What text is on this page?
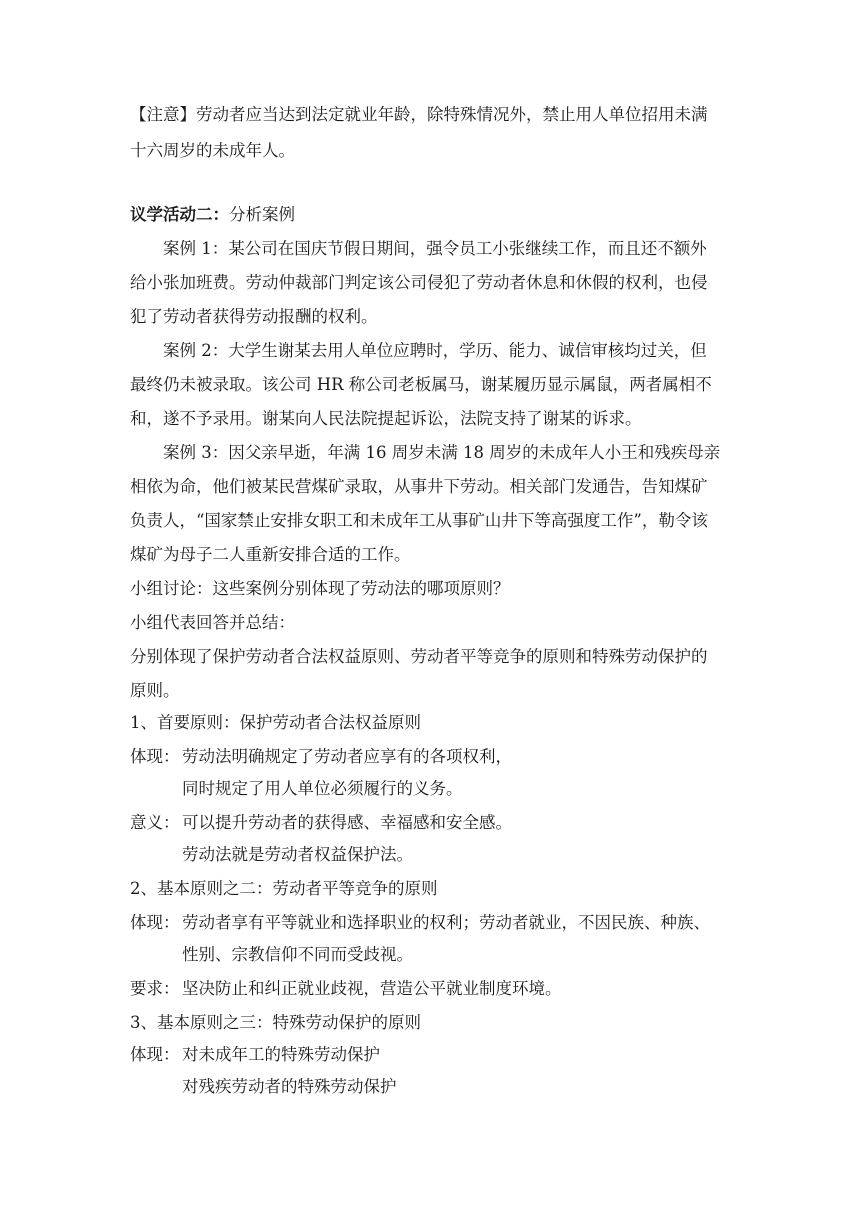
【注意】劳动者应当达到法定就业年龄，除特殊情况外，禁止用人单位招用未满
十六周岁的未成年人。
议学活动二：分析案例
案例 1：某公司在国庆节假日期间，强令员工小张继续工作，而且还不额外
给小张加班费。劳动仲裁部门判定该公司侵犯了劳动者休息和休假的权利，也侵
犯了劳动者获得劳动报酬的权利。
案例 2：大学生谢某去用人单位应聘时，学历、能力、诚信审核均过关，但
最终仍未被录取。该公司 HR 称公司老板属马，谢某履历显示属鼠，两者属相不
和，遂不予录用。谢某向人民法院提起诉讼，法院支持了谢某的诉求。
案例 3：因父亲早逝，年满 16 周岁未满 18 周岁的未成年人小王和残疾母亲
相依为命，他们被某民营煤矿录取，从事井下劳动。相关部门发通告，告知煤矿
负责人，“国家禁止安排女职工和未成年工从事矿山井下等高强度工作”，勒令该
煤矿为母子二人重新安排合适的工作。
小组讨论：这些案例分别体现了劳动法的哪项原则？
小组代表回答并总结：
分别体现了保护劳动者合法权益原则、劳动者平等竞争的原则和特殊劳动保护的
原则。
1、首要原则：保护劳动者合法权益原则
体现： 劳动法明确规定了劳动者应享有的各项权利，
同时规定了用人单位必须履行的义务。
意义： 可以提升劳动者的获得感、幸福感和安全感。
劳动法就是劳动者权益保护法。
2、基本原则之二：劳动者平等竞争的原则
体现： 劳动者享有平等就业和选择职业的权利；劳动者就业，不因民族、种族、
性别、宗教信仰不同而受歧视。
要求： 坚决防止和纠正就业歧视，营造公平就业制度环境。
3、基本原则之三：特殊劳动保护的原则
体现： 对未成年工的特殊劳动保护
对残疾劳动者的特殊劳动保护
